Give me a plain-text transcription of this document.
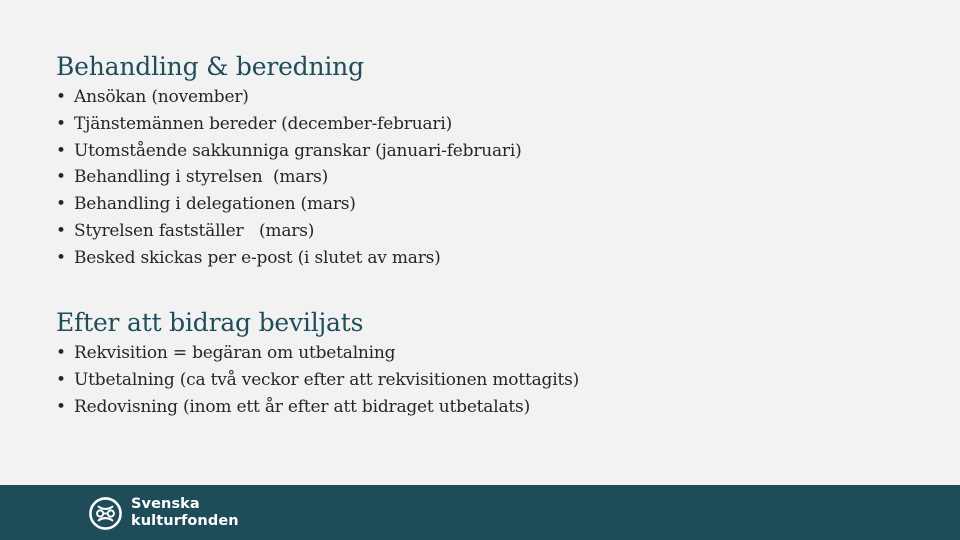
Behandling & beredning
• Ansökan (november)
• Tjänstemännen bereder (december-februari)
• Utomstående sakkunniga granskar (januari-februari)
• Behandling i styrelsen  (mars)
• Behandling i delegationen (mars)
• Styrelsen fastställer   (mars)
• Besked skickas per e-post (i slutet av mars)
Efter att bidrag beviljats
• Rekvisition = begäran om utbetalning
• Utbetalning (ca två veckor efter att rekvisitionen mottagits)
• Redovisning (inom ett år efter att bidraget utbetalats)
Svenska
kulturfonden
